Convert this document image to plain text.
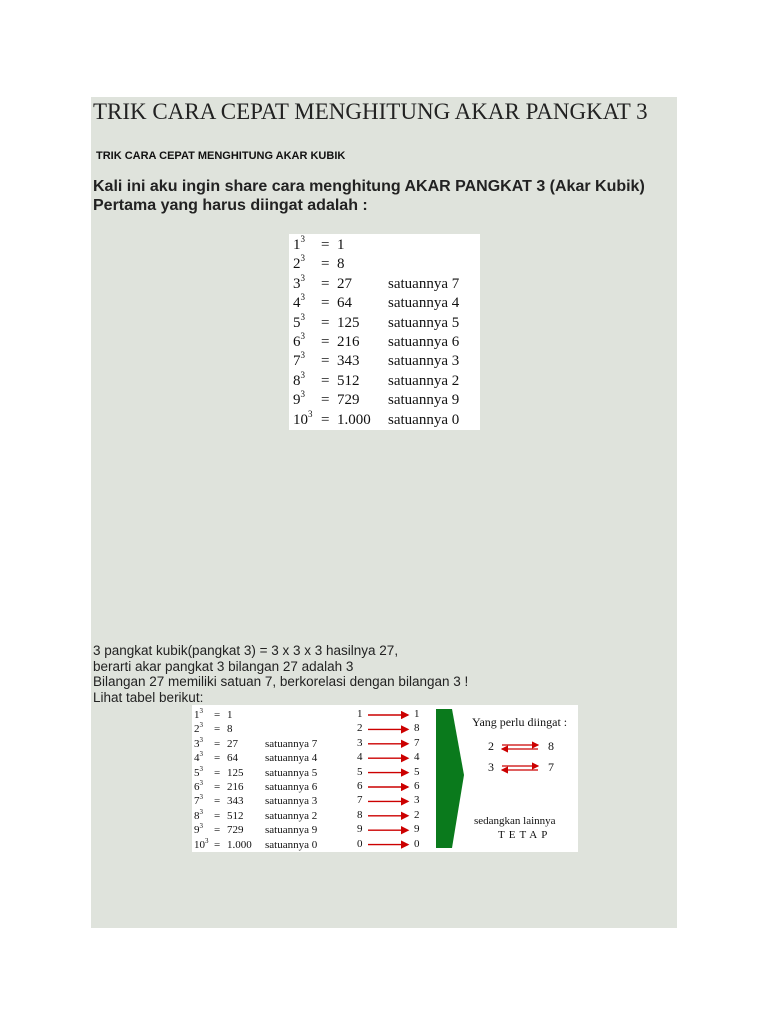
TRIK CARA CEPAT MENGHITUNG AKAR PANGKAT 3
TRIK CARA CEPAT MENGHITUNG AKAR KUBIK
Kali ini aku ingin share cara menghitung AKAR PANGKAT 3 (Akar Kubik)
Pertama yang harus diingat adalah :
$1^3 = 1$
$2^3 = 8$
$3^3 = 27$ satuannya 7
$4^3 = 64$ satuannya 4
$5^3 = 125$ satuannya 5
$6^3 = 216$ satuannya 6
$7^3 = 343$ satuannya 3
$8^3 = 512$ satuannya 2
$9^3 = 729$ satuannya 9
$10^3 = 1.000$ satuannya 0
3 pangkat kubik(pangkat 3) = 3 x 3 x 3 hasilnya 27,
berarti akar pangkat 3 bilangan 27 adalah 3
Bilangan 27 memiliki satuan 7, berkorelasi dengan bilangan 3 !
Lihat tabel berikut:
Yang perlu diingat :
2	8
3	7
sedangkan lainnya
TETAP
$1^3 = 1$
$2^3 = 8$
$3^3 = 27$ satuannya 7
$4^3 = 64$ satuannya 4
$5^3 = 125$ satuannya 5
$6^3 = 216$ satuannya 6
$7^3 = 343$ satuannya 3
$8^3 = 512$ satuannya 2
$9^3 = 729$ satuannya 9
$10^3 = 1.000$ satuannya 0
1	1
2	8
3	7
4	4
5	5
6	6
7	3
8	2
9	9
0	0
